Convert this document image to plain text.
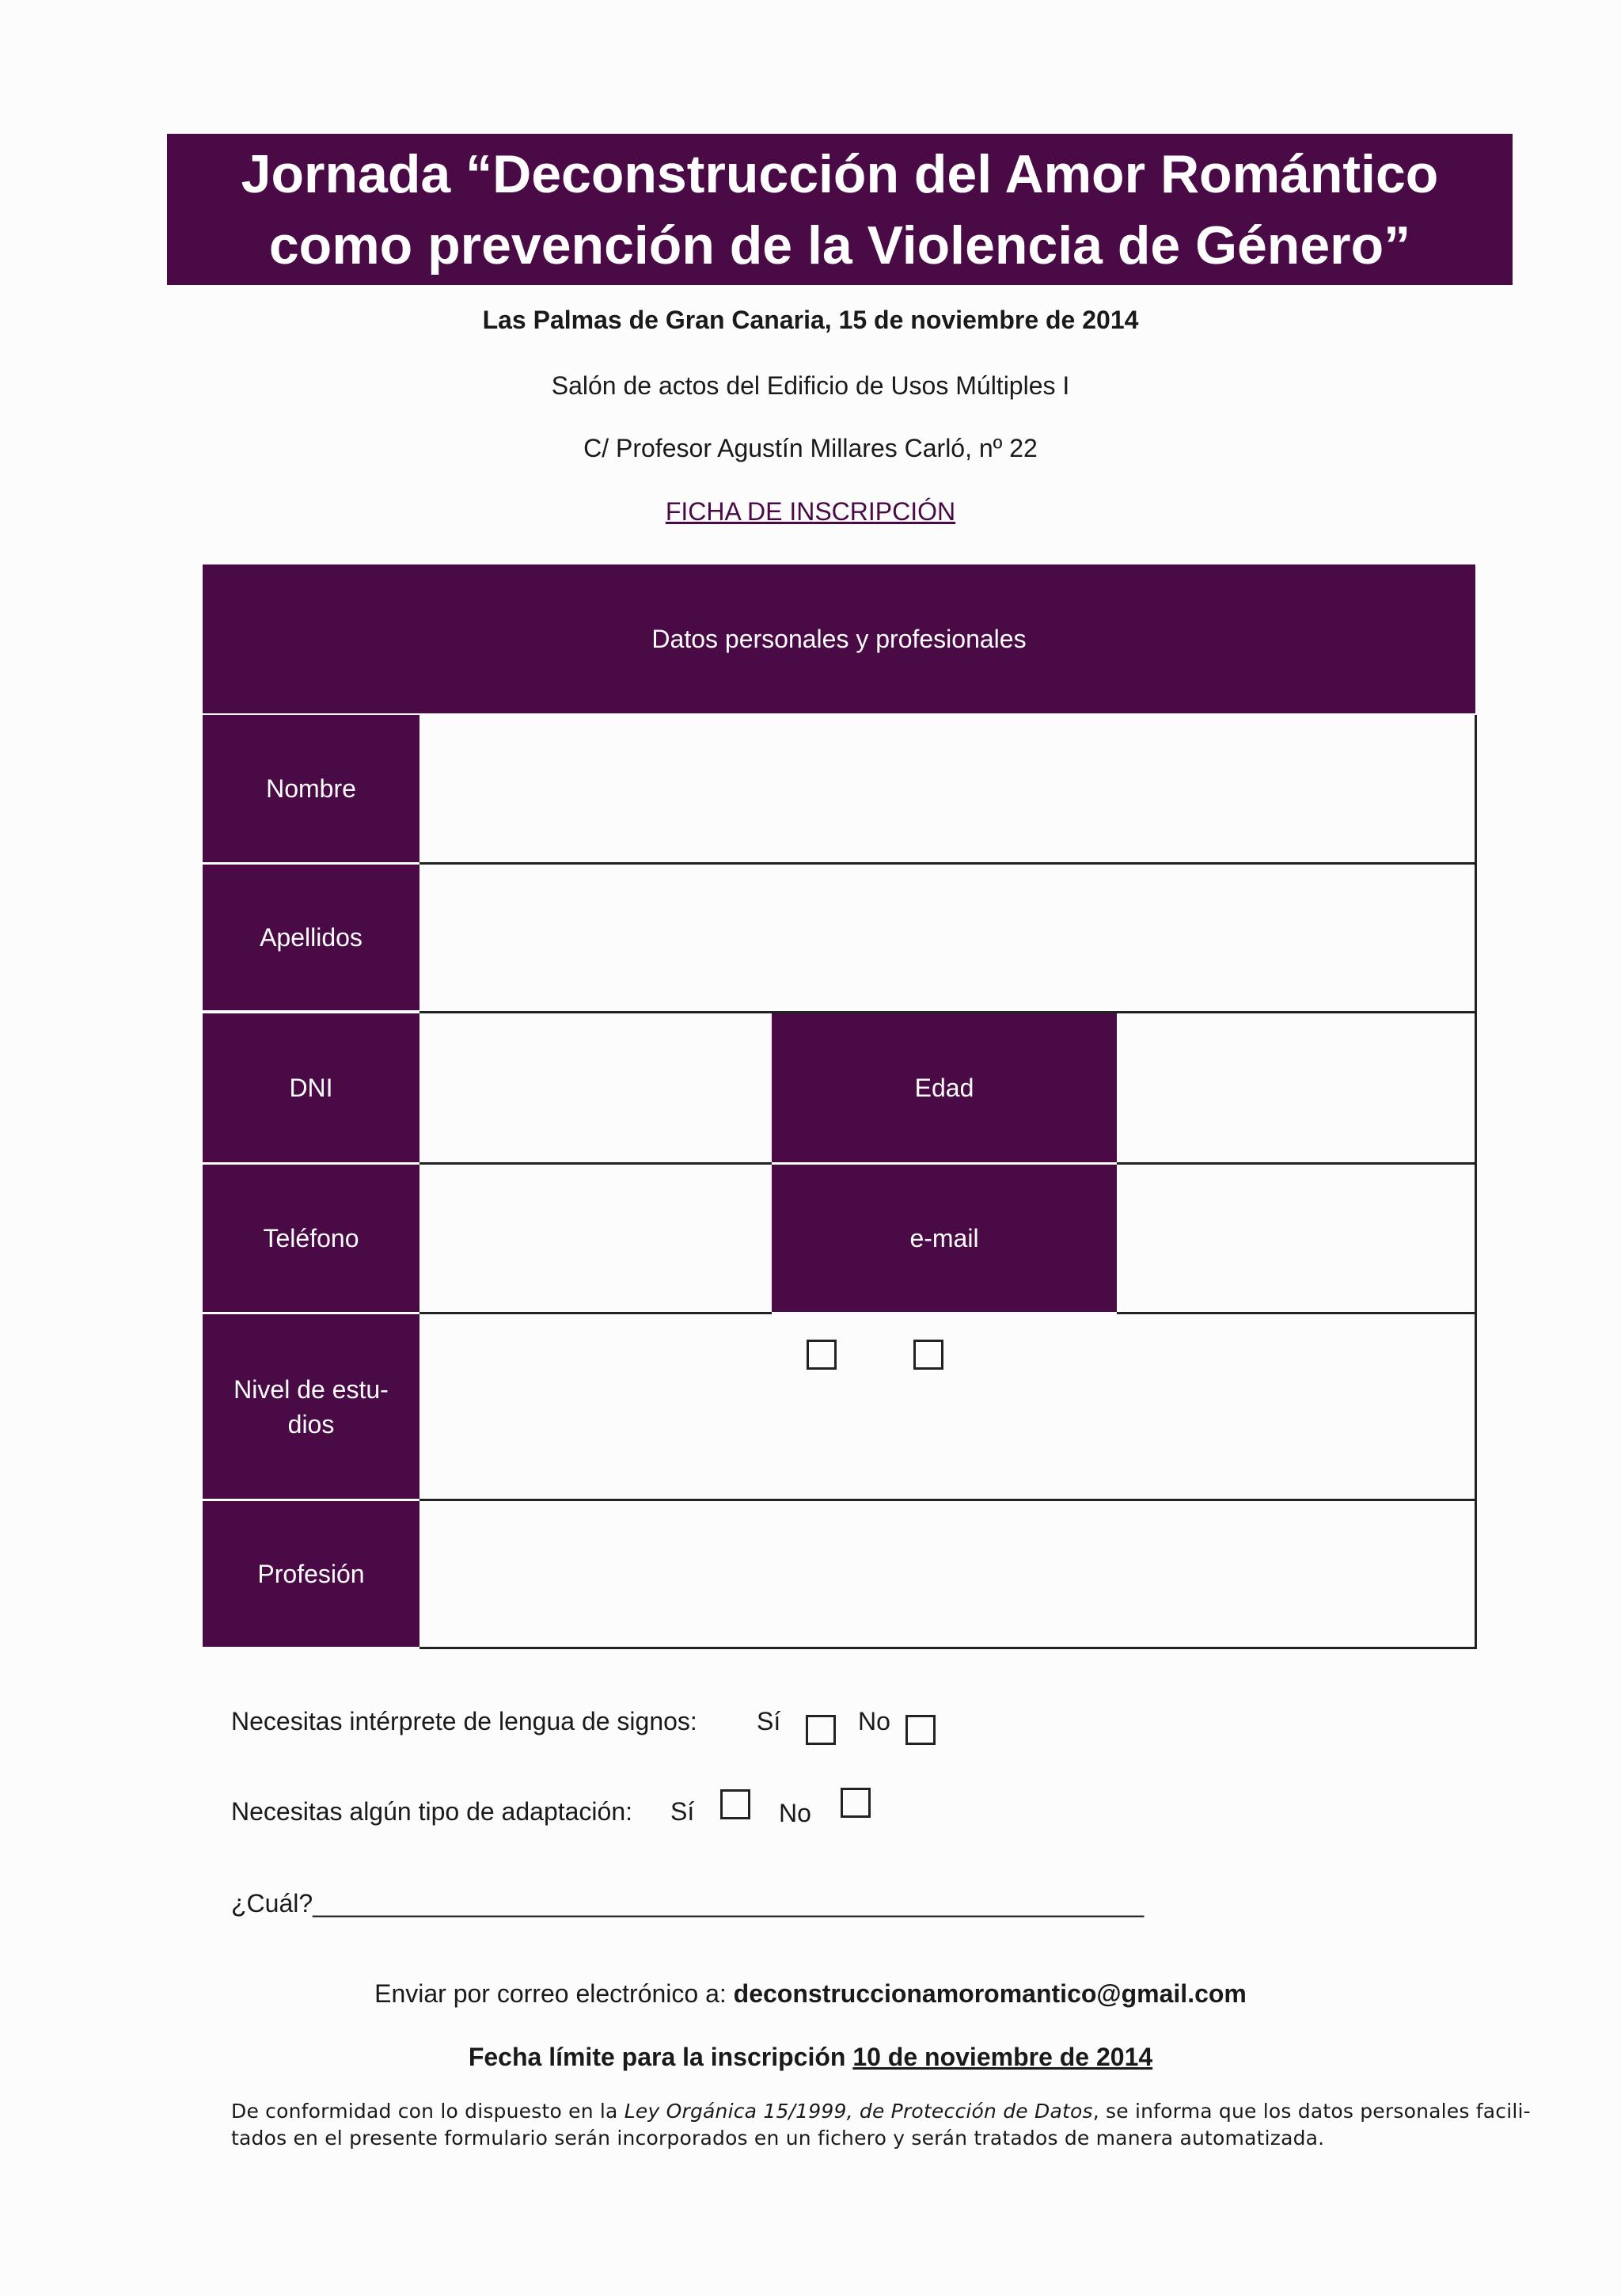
Jornada “Deconstrucción del Amor Romántico
como prevención de la Violencia de Género”
Las Palmas de Gran Canaria, 15 de noviembre de 2014
Salón de actos del Edificio de Usos Múltiples I
C/ Profesor Agustín Millares Carló, nº 22
FICHA DE INSCRIPCIÓN
Datos personales y profesionales
Nombre
Apellidos
DNI	Edad
Teléfono	e-mail
Nivel de estu-
dios
Profesión
Necesitas intérprete de lengua de signos: Sí	No
Necesitas algún tipo de adaptación: Sí	No
¿Cuál?___________________________________________________________
Enviar por correo electrónico a: deconstruccionamoromantico@gmail.com
Fecha límite para la inscripción 10 de noviembre de 2014
De conformidad con lo dispuesto en la Ley Orgánica 15/1999, de Protección de Datos, se informa que los datos personales facili-
tados en el presente formulario serán incorporados en un fichero y serán tratados de manera automatizada.
